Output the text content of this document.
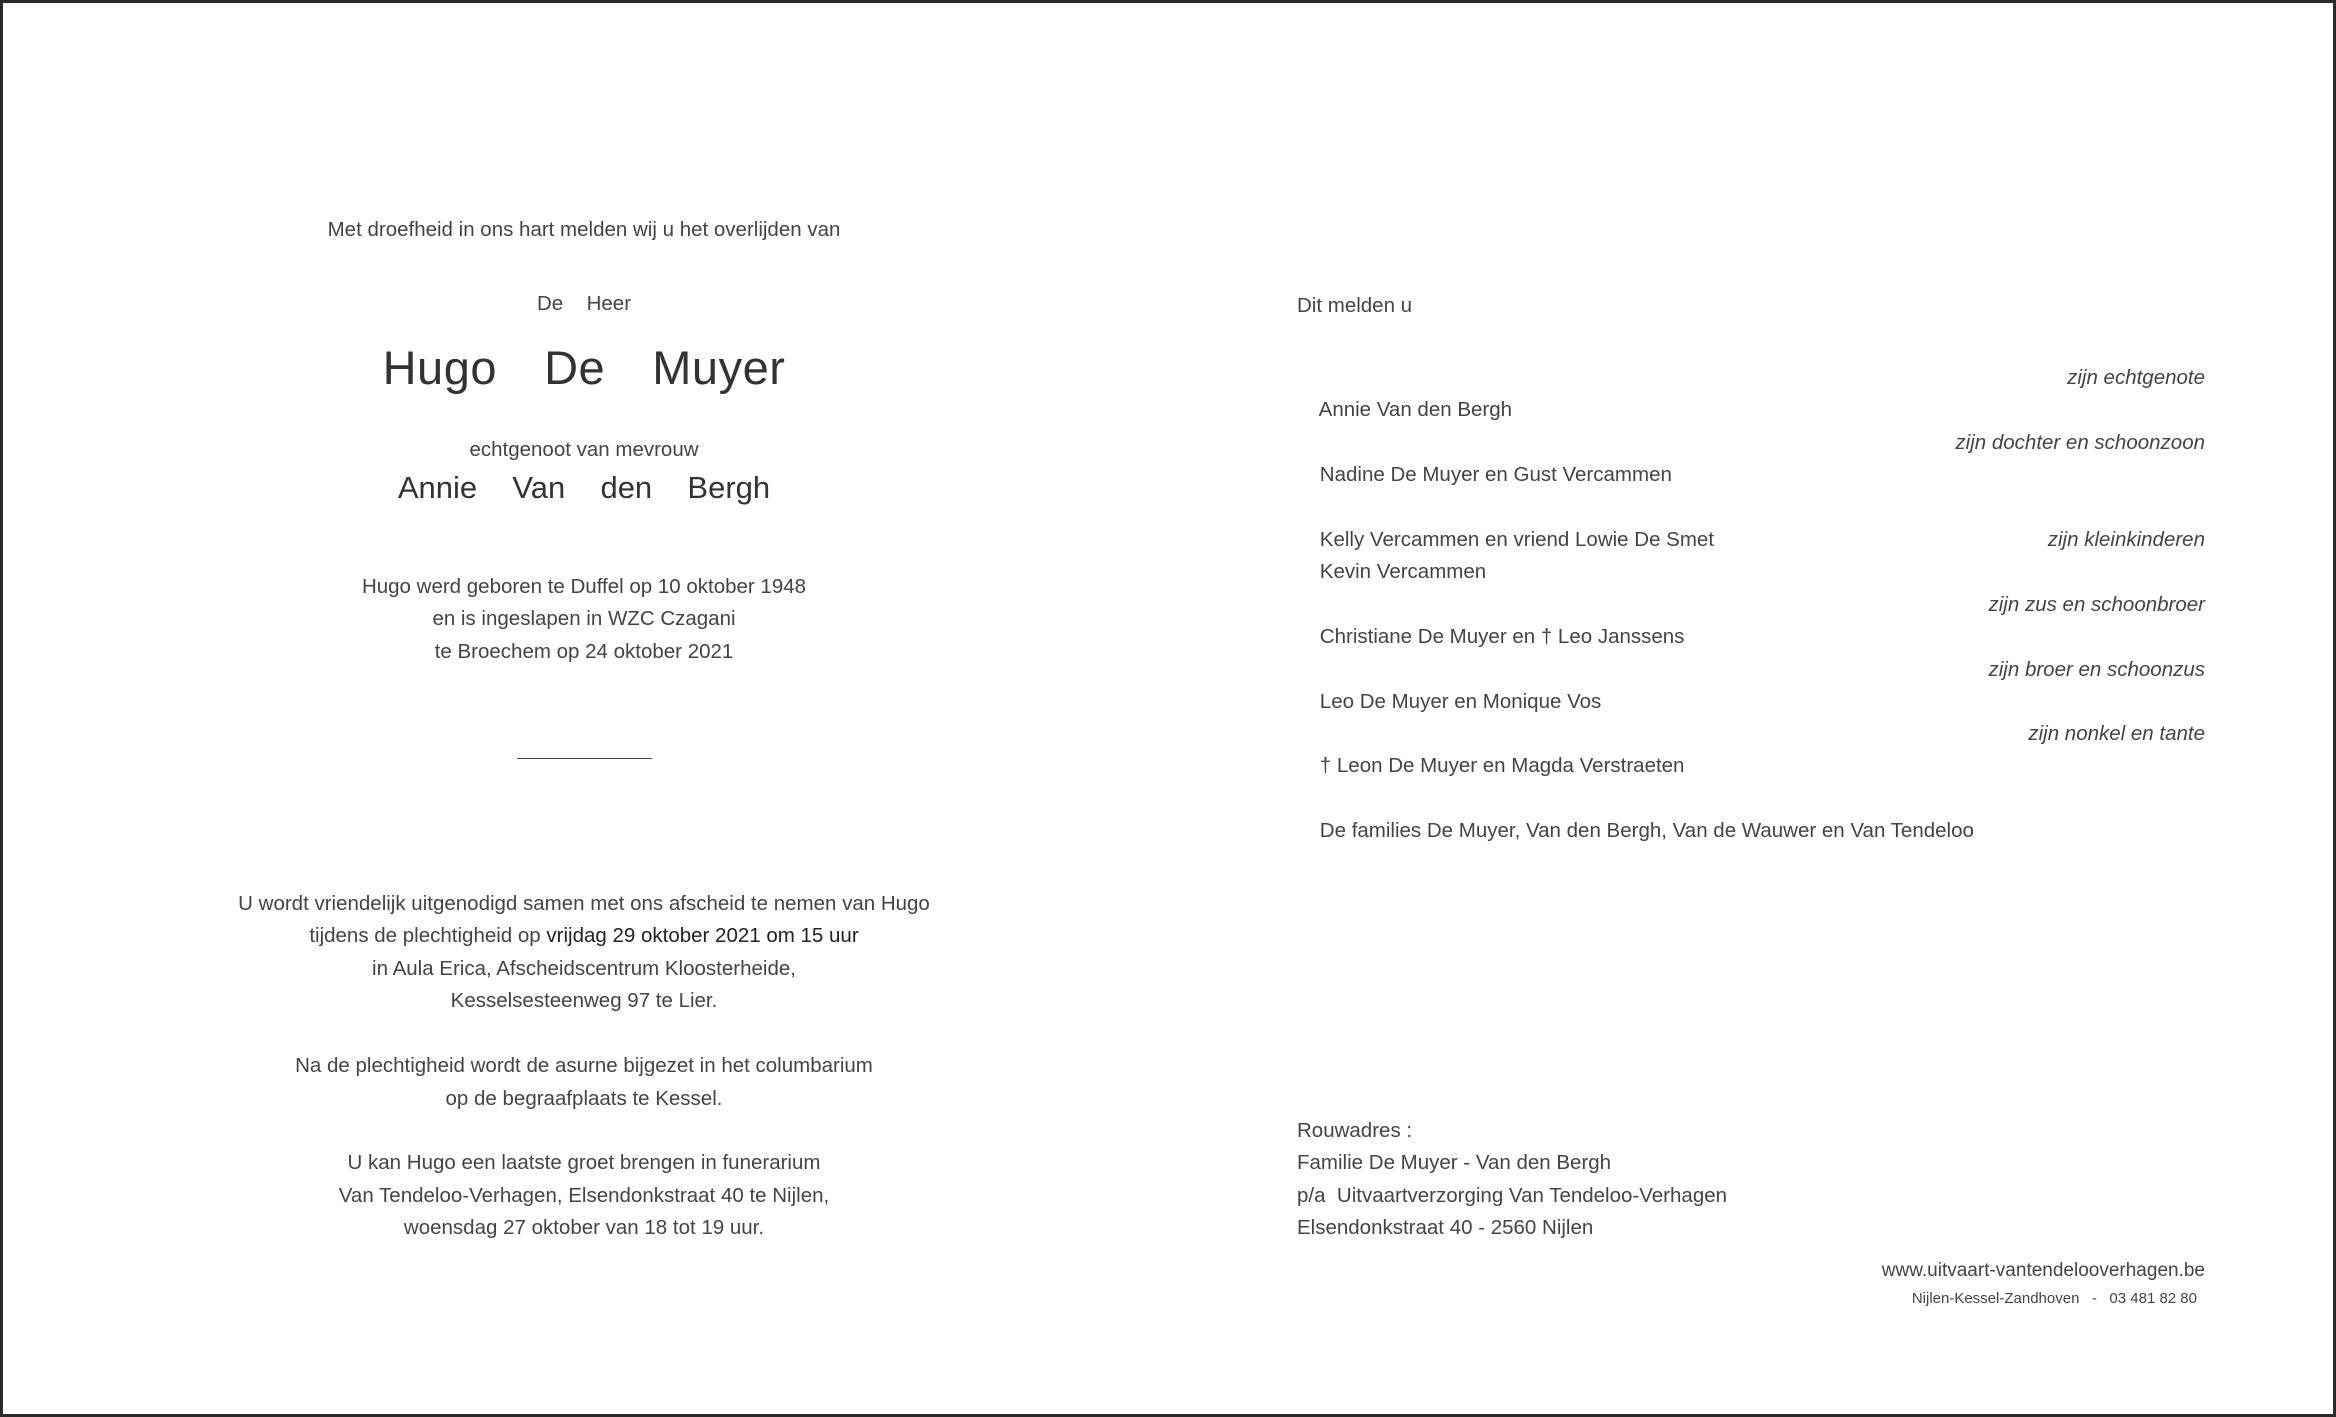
Met droefheid in ons hart melden wij u het overlijden van
De  Heer
Hugo  De  Muyer
echtgenoot van mevrouw
Annie  Van  den  Bergh
Hugo werd geboren te Duffel op 10 oktober 1948
en is ingeslapen in WZC Czagani
te Broechem op 24 oktober 2021
U wordt vriendelijk uitgenodigd samen met ons afscheid te nemen van Hugo
tijdens de plechtigheid op vrijdag 29 oktober 2021 om 15 uur
in Aula Erica, Afscheidscentrum Kloosterheide,
Kesselsesteenweg 97 te Lier.
Na de plechtigheid wordt de asurne bijgezet in het columbarium
op de begraafplaats te Kessel.
U kan Hugo een laatste groet brengen in funerarium
Van Tendeloo-Verhagen, Elsendonkstraat 40 te Nijlen,
woensdag 27 oktober van 18 tot 19 uur.
Dit melden u

Annie Van den Bergh

zijn echtgenote

Nadine De Muyer en Gust Vercammen

zijn dochter en schoonzoon

Kelly Vercammen en vriend Lowie De Smet

Kevin Vercammen

zijn kleinkinderen

Christiane De Muyer en † Leo Janssens

zijn zus en schoonbroer

Leo De Muyer en Monique Vos

zijn broer en schoonzus

† Leon De Muyer en Magda Verstraeten

zijn nonkel en tante

De families De Muyer, Van den Bergh, Van de Wauwer en Van Tendeloo

Rouwadres :
Familie De Muyer - Van den Bergh
p/a  Uitvaartverzorging Van Tendeloo-Verhagen
Elsendonkstraat 40 - 2560 Nijlen
www.uitvaart-vantendelooverhagen.be
Nijlen-Kessel-Zandhoven   -   03 481 82 80
